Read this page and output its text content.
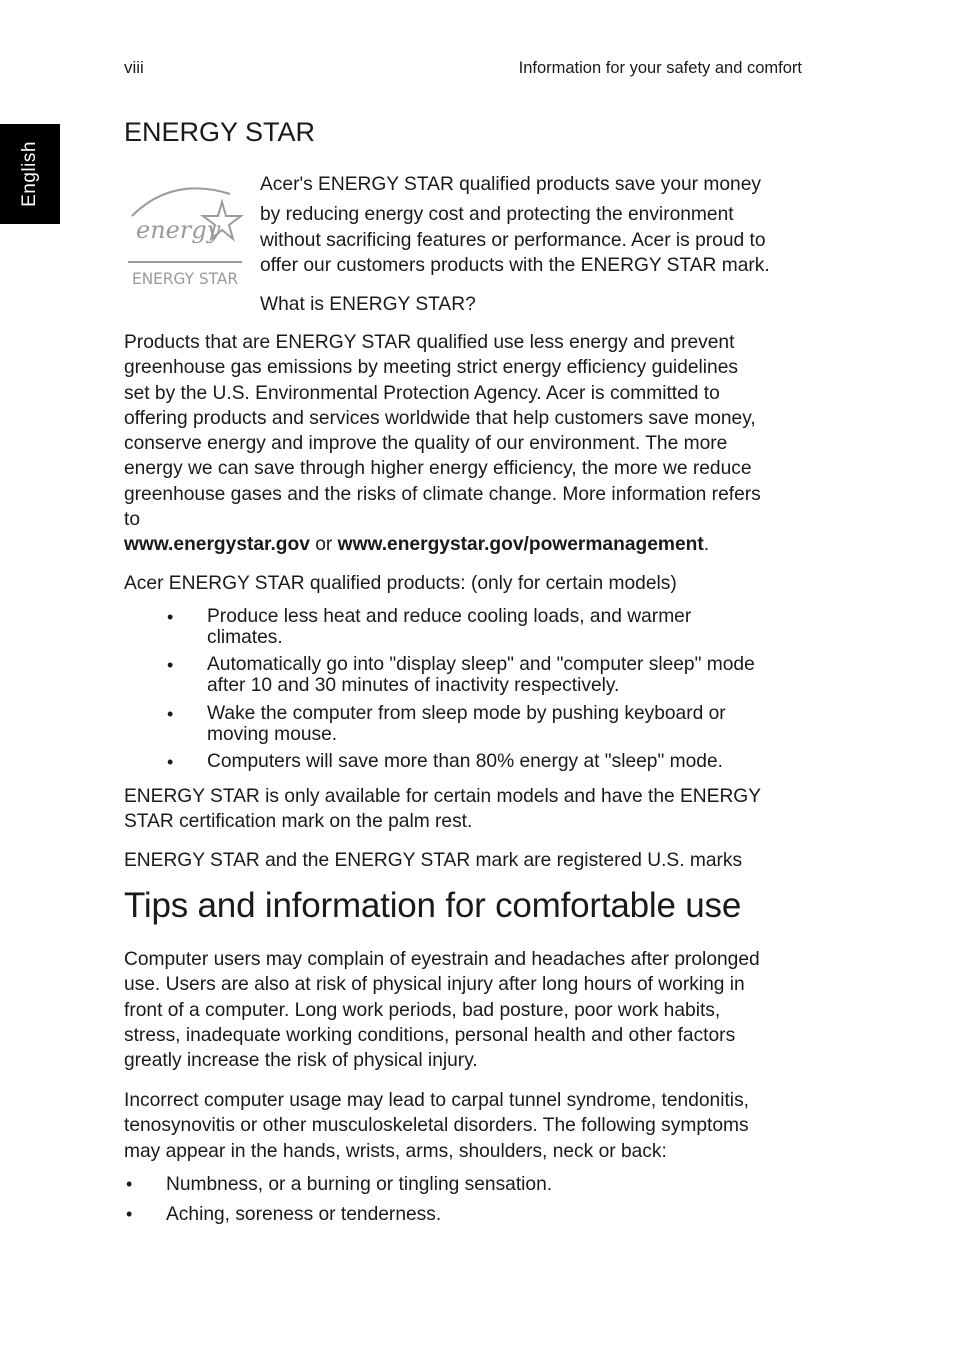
viii	Information for your safety and comfort
English
ENERGY STAR
energy
ENERGY STAR

Acer's ENERGY STAR qualified products save your money

by reducing energy cost and protecting the environment

without sacrificing features or performance. Acer is proud to

offer our customers products with the ENERGY STAR mark.

What is ENERGY STAR?

Products that are ENERGY STAR qualified use less energy and prevent

greenhouse gas emissions by meeting strict energy efficiency guidelines

set by the U.S. Environmental Protection Agency. Acer is committed to

offering products and services worldwide that help customers save money,

conserve energy and improve the quality of our environment. The more

energy we can save through higher energy efficiency, the more we reduce

greenhouse gases and the risks of climate change. More information refers

to

www.energystar.gov or www.energystar.gov/powermanagement.

Acer ENERGY STAR qualified products: (only for certain models)
• Produce less heat and reduce cooling loads, and warmer
climates.
• Automatically go into "display sleep" and "computer sleep" mode
after 10 and 30 minutes of inactivity respectively.
• Wake the computer from sleep mode by pushing keyboard or
moving mouse.
• Computers will save more than 80% energy at "sleep" mode.

ENERGY STAR is only available for certain models and have the ENERGY

STAR certification mark on the palm rest.

ENERGY STAR and the ENERGY STAR mark are registered U.S. marks
Tips and information for comfortable use

Computer users may complain of eyestrain and headaches after prolonged

use. Users are also at risk of physical injury after long hours of working in

front of a computer. Long work periods, bad posture, poor work habits,

stress, inadequate working conditions, personal health and other factors

greatly increase the risk of physical injury.

Incorrect computer usage may lead to carpal tunnel syndrome, tendonitis,

tenosynovitis or other musculoskeletal disorders. The following symptoms

may appear in the hands, wrists, arms, shoulders, neck or back:

• Numbness, or a burning or tingling sensation.
• Aching, soreness or tenderness.
